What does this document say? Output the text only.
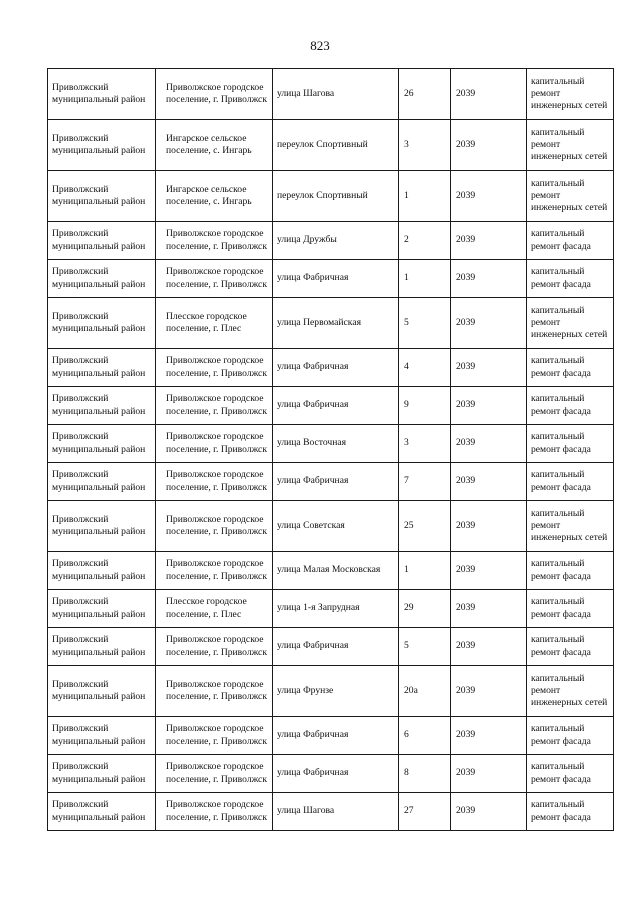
823
Приволжский муниципальный район	Приволжское городское поселение, г. Приволжск	улица Шагова	26	2039	капитальный ремонт инженерных сетей
Приволжский муниципальный район	Ингарское сельское поселение, с. Ингарь	переулок Спортивный	3	2039	капитальный ремонт инженерных сетей
Приволжский муниципальный район	Ингарское сельское поселение, с. Ингарь	переулок Спортивный	1	2039	капитальный ремонт инженерных сетей
Приволжский муниципальный район	Приволжское городское поселение, г. Приволжск	улица Дружбы	2	2039	капитальный ремонт фасада
Приволжский муниципальный район	Приволжское городское поселение, г. Приволжск	улица Фабричная	1	2039	капитальный ремонт фасада
Приволжский муниципальный район	Плесское городское поселение, г. Плес	улица Первомайская	5	2039	капитальный ремонт инженерных сетей
Приволжский муниципальный район	Приволжское городское поселение, г. Приволжск	улица Фабричная	4	2039	капитальный ремонт фасада
Приволжский муниципальный район	Приволжское городское поселение, г. Приволжск	улица Фабричная	9	2039	капитальный ремонт фасада
Приволжский муниципальный район	Приволжское городское поселение, г. Приволжск	улица Восточная	3	2039	капитальный ремонт фасада
Приволжский муниципальный район	Приволжское городское поселение, г. Приволжск	улица Фабричная	7	2039	капитальный ремонт фасада
Приволжский муниципальный район	Приволжское городское поселение, г. Приволжск	улица Советская	25	2039	капитальный ремонт инженерных сетей
Приволжский муниципальный район	Приволжское городское поселение, г. Приволжск	улица Малая Московская	1	2039	капитальный ремонт фасада
Приволжский муниципальный район	Плесское городское поселение, г. Плес	улица 1-я Запрудная	29	2039	капитальный ремонт фасада
Приволжский муниципальный район	Приволжское городское поселение, г. Приволжск	улица Фабричная	5	2039	капитальный ремонт фасада
Приволжский муниципальный район	Приволжское городское поселение, г. Приволжск	улица Фрунзе	20а	2039	капитальный ремонт инженерных сетей
Приволжский муниципальный район	Приволжское городское поселение, г. Приволжск	улица Фабричная	6	2039	капитальный ремонт фасада
Приволжский муниципальный район	Приволжское городское поселение, г. Приволжск	улица Фабричная	8	2039	капитальный ремонт фасада
Приволжский муниципальный район	Приволжское городское поселение, г. Приволжск	улица Шагова	27	2039	капитальный ремонт фасада
